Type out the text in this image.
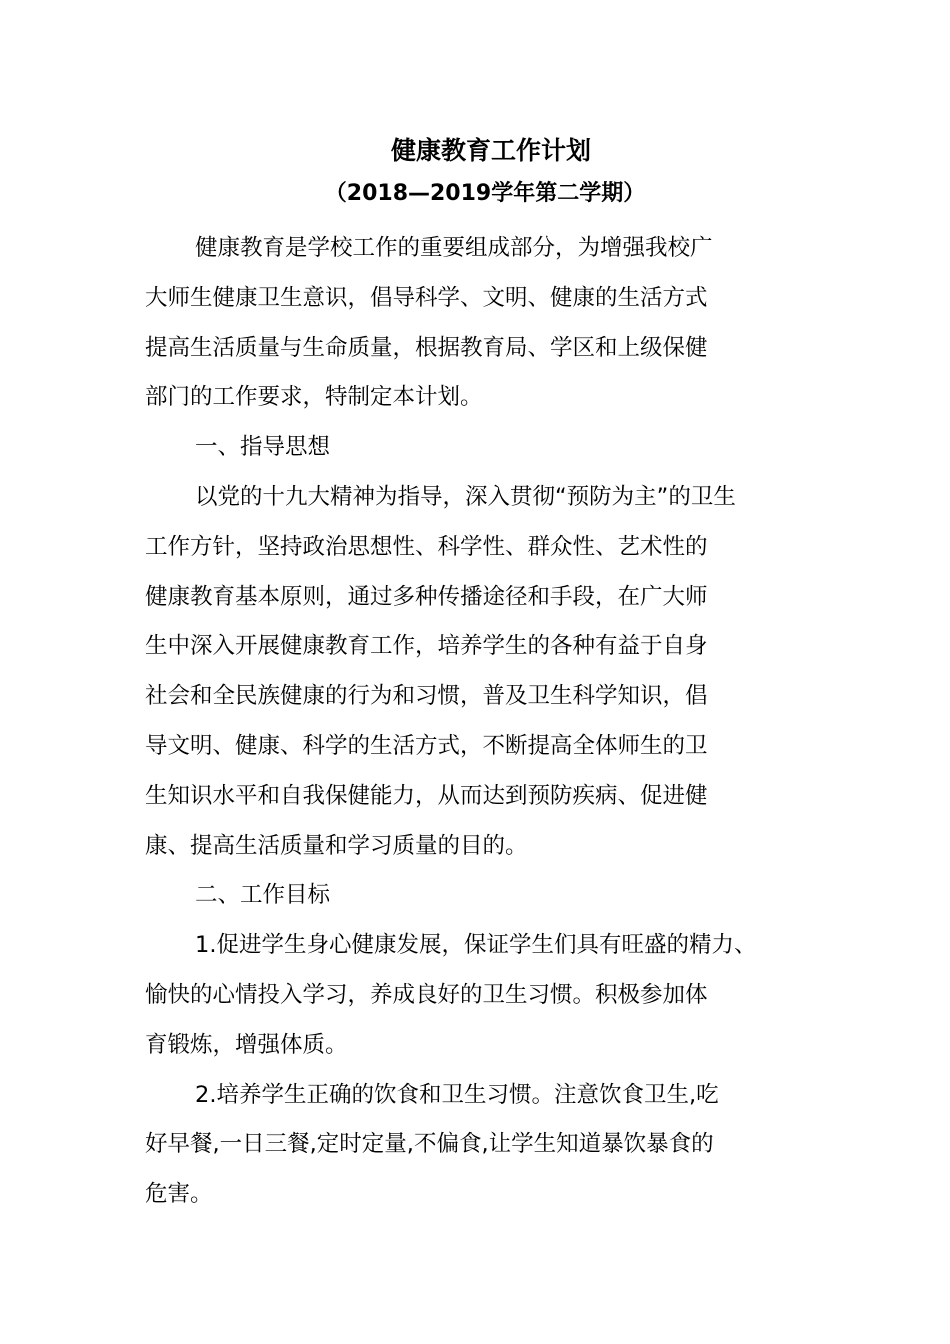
健康教育工作计划
（2018—2019学年第二学期）
健康教育是学校工作的重要组成部分，为增强我校广
大师生健康卫生意识，倡导科学、文明、健康的生活方式
提高生活质量与生命质量，根据教育局、学区和上级保健
部门的工作要求，特制定本计划。
一、指导思想
以党的十九大精神为指导，深入贯彻“预防为主”的卫生
工作方针，坚持政治思想性、科学性、群众性、艺术性的
健康教育基本原则，通过多种传播途径和手段，在广大师
生中深入开展健康教育工作，培养学生的各种有益于自身
社会和全民族健康的行为和习惯，普及卫生科学知识，倡
导文明、健康、科学的生活方式，不断提高全体师生的卫
生知识水平和自我保健能力，从而达到预防疾病、促进健
康、提高生活质量和学习质量的目的。
二、工作目标
1.促进学生身心健康发展，保证学生们具有旺盛的精力、
愉快的心情投入学习，养成良好的卫生习惯。积极参加体
育锻炼，增强体质。
2.培养学生正确的饮食和卫生习惯。注意饮食卫生,吃
好早餐,一日三餐,定时定量,不偏食,让学生知道暴饮暴食的
危害。
